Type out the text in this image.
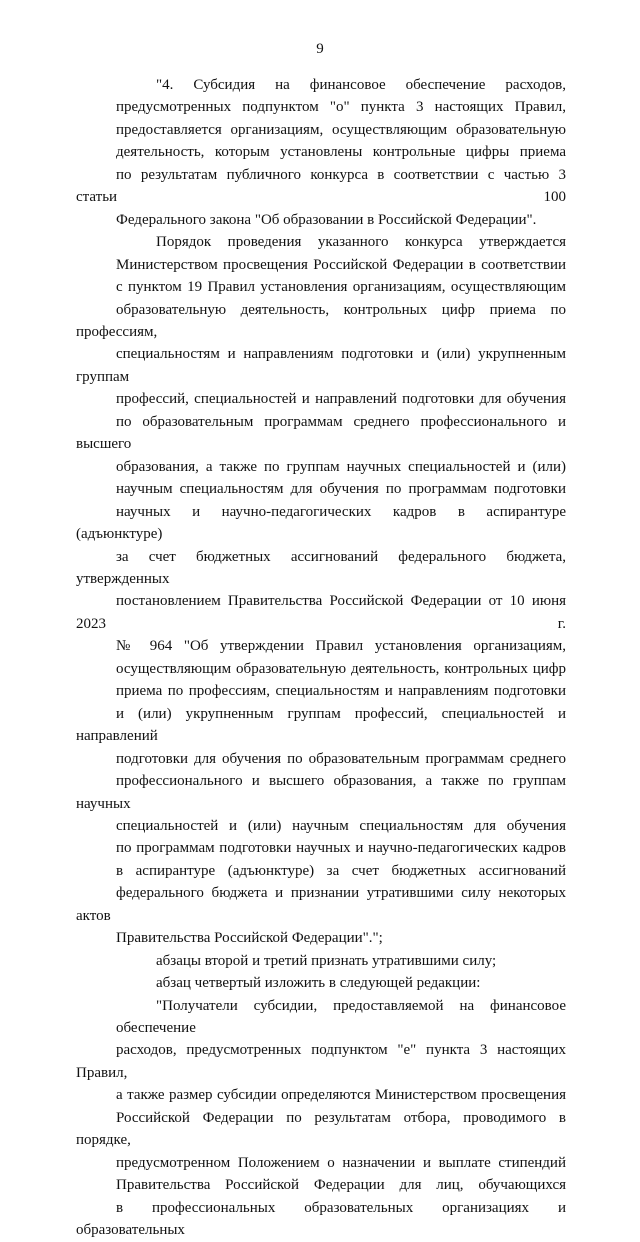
9
"4. Субсидия на финансовое обеспечение расходов,
предусмотренных подпунктом "о" пункта 3 настоящих Правил,
предоставляется организациям, осуществляющим образовательную
деятельность, которым установлены контрольные цифры приема
по результатам публичного конкурса в соответствии с частью 3 статьи 100
Федерального закона "Об образовании в Российской Федерации".
Порядок проведения указанного конкурса утверждается
Министерством просвещения Российской Федерации в соответствии
с пунктом 19 Правил установления организациям, осуществляющим
образовательную деятельность, контрольных цифр приема по профессиям,
специальностям и направлениям подготовки и (или) укрупненным группам
профессий, специальностей и направлений подготовки для обучения
по образовательным программам среднего профессионального и высшего
образования, а также по группам научных специальностей и (или)
научным специальностям для обучения по программам подготовки
научных и научно-педагогических кадров в аспирантуре (адъюнктуре)
за счет бюджетных ассигнований федерального бюджета, утвержденных
постановлением Правительства Российской Федерации от 10 июня 2023 г.
№ 964 "Об утверждении Правил установления организациям,
осуществляющим образовательную деятельность, контрольных цифр
приема по профессиям, специальностям и направлениям подготовки
и (или) укрупненным группам профессий, специальностей и направлений
подготовки для обучения по образовательным программам среднего
профессионального и высшего образования, а также по группам научных
специальностей и (или) научным специальностям для обучения
по программам подготовки научных и научно-педагогических кадров
в аспирантуре (адъюнктуре) за счет бюджетных ассигнований
федерального бюджета и признании утратившими силу некоторых актов
Правительства Российской Федерации".";
абзацы второй и третий признать утратившими силу;
абзац четвертый изложить в следующей редакции:
"Получатели субсидии, предоставляемой на финансовое обеспечение
расходов, предусмотренных подпунктом "е" пункта 3 настоящих Правил,
а также размер субсидии определяются Министерством просвещения
Российской Федерации по результатам отбора, проводимого в порядке,
предусмотренном Положением о назначении и выплате стипендий
Правительства Российской Федерации для лиц, обучающихся
в профессиональных образовательных организациях и образовательных
